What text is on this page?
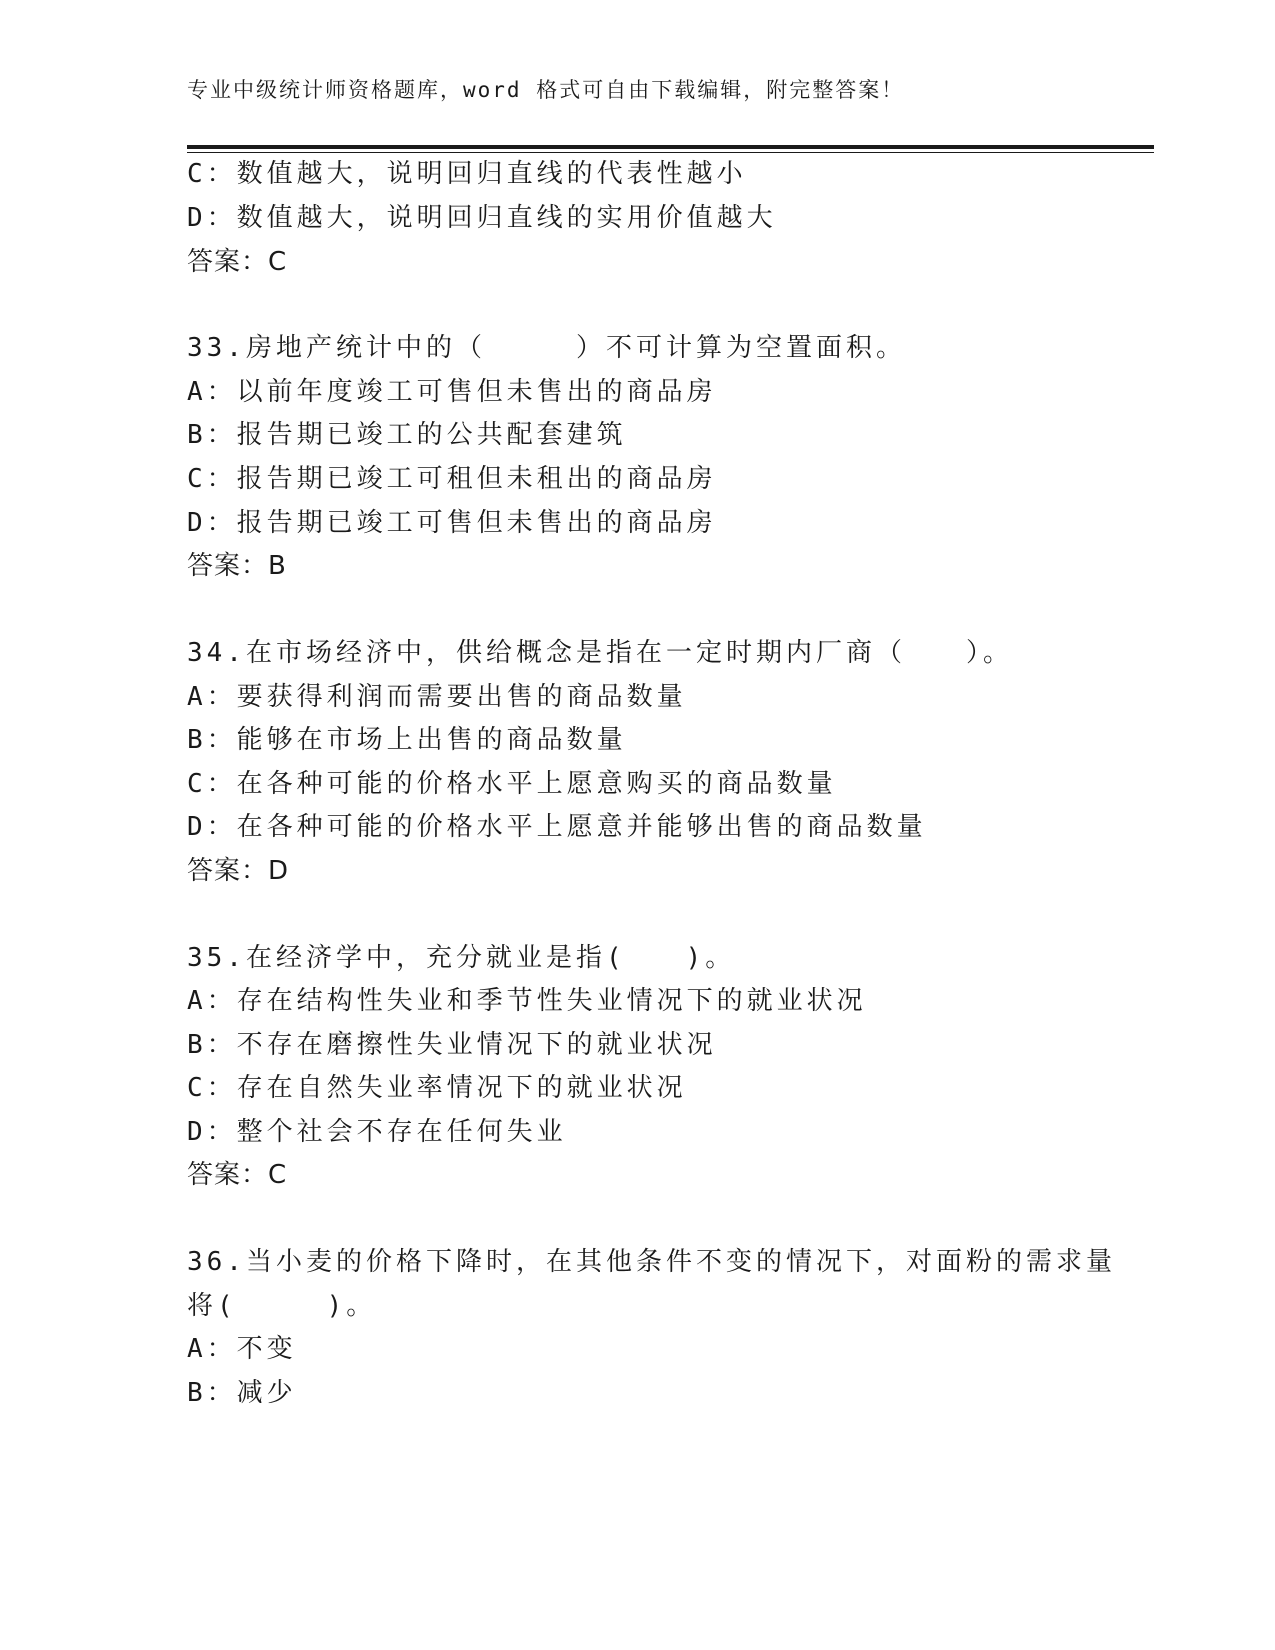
专业中级统计师资格题库，word 格式可自由下载编辑，附完整答案！
C：数值越大，说明回归直线的代表性越小
D：数值越大，说明回归直线的实用价值越大
答案：C
33.房地产统计中的（　　　）不可计算为空置面积。
A：以前年度竣工可售但未售出的商品房
B：报告期已竣工的公共配套建筑
C：报告期已竣工可租但未租出的商品房
D：报告期已竣工可售但未售出的商品房
答案：B
34.在市场经济中，供给概念是指在一定时期内厂商（　　）。
A：要获得利润而需要出售的商品数量
B：能够在市场上出售的商品数量
C：在各种可能的价格水平上愿意购买的商品数量
D：在各种可能的价格水平上愿意并能够出售的商品数量
答案：D
35.在经济学中，充分就业是指(　　)。
A：存在结构性失业和季节性失业情况下的就业状况
B：不存在磨擦性失业情况下的就业状况
C：存在自然失业率情况下的就业状况
D：整个社会不存在任何失业
答案：C
36.当小麦的价格下降时，在其他条件不变的情况下，对面粉的需求量
将(　　　)。
A：不变
B：减少
